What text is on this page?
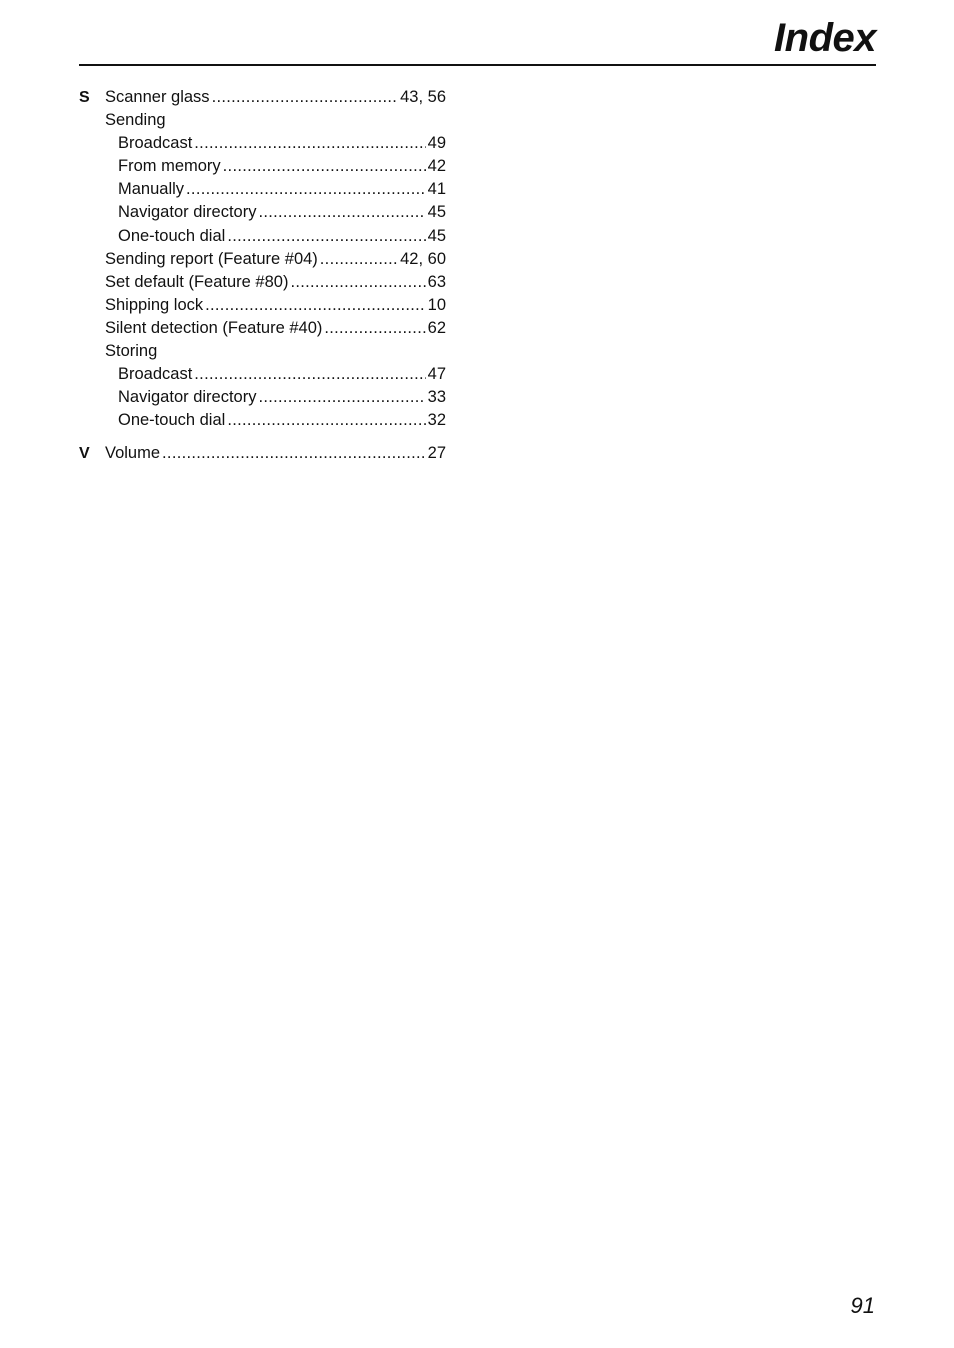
Index
S Scanner glass .....	43, 56
Sending
Broadcast .....	49
From memory .....	42
Manually .....	41
Navigator directory .....	45
One-touch dial .....	45
Sending report (Feature #04) .....	42, 60
Set default (Feature #80) .....	63
Shipping lock .....	10
Silent detection (Feature #40) .....	62
Storing
Broadcast .....	47
Navigator directory .....	33
One-touch dial .....	32
V Volume .....	27

91
